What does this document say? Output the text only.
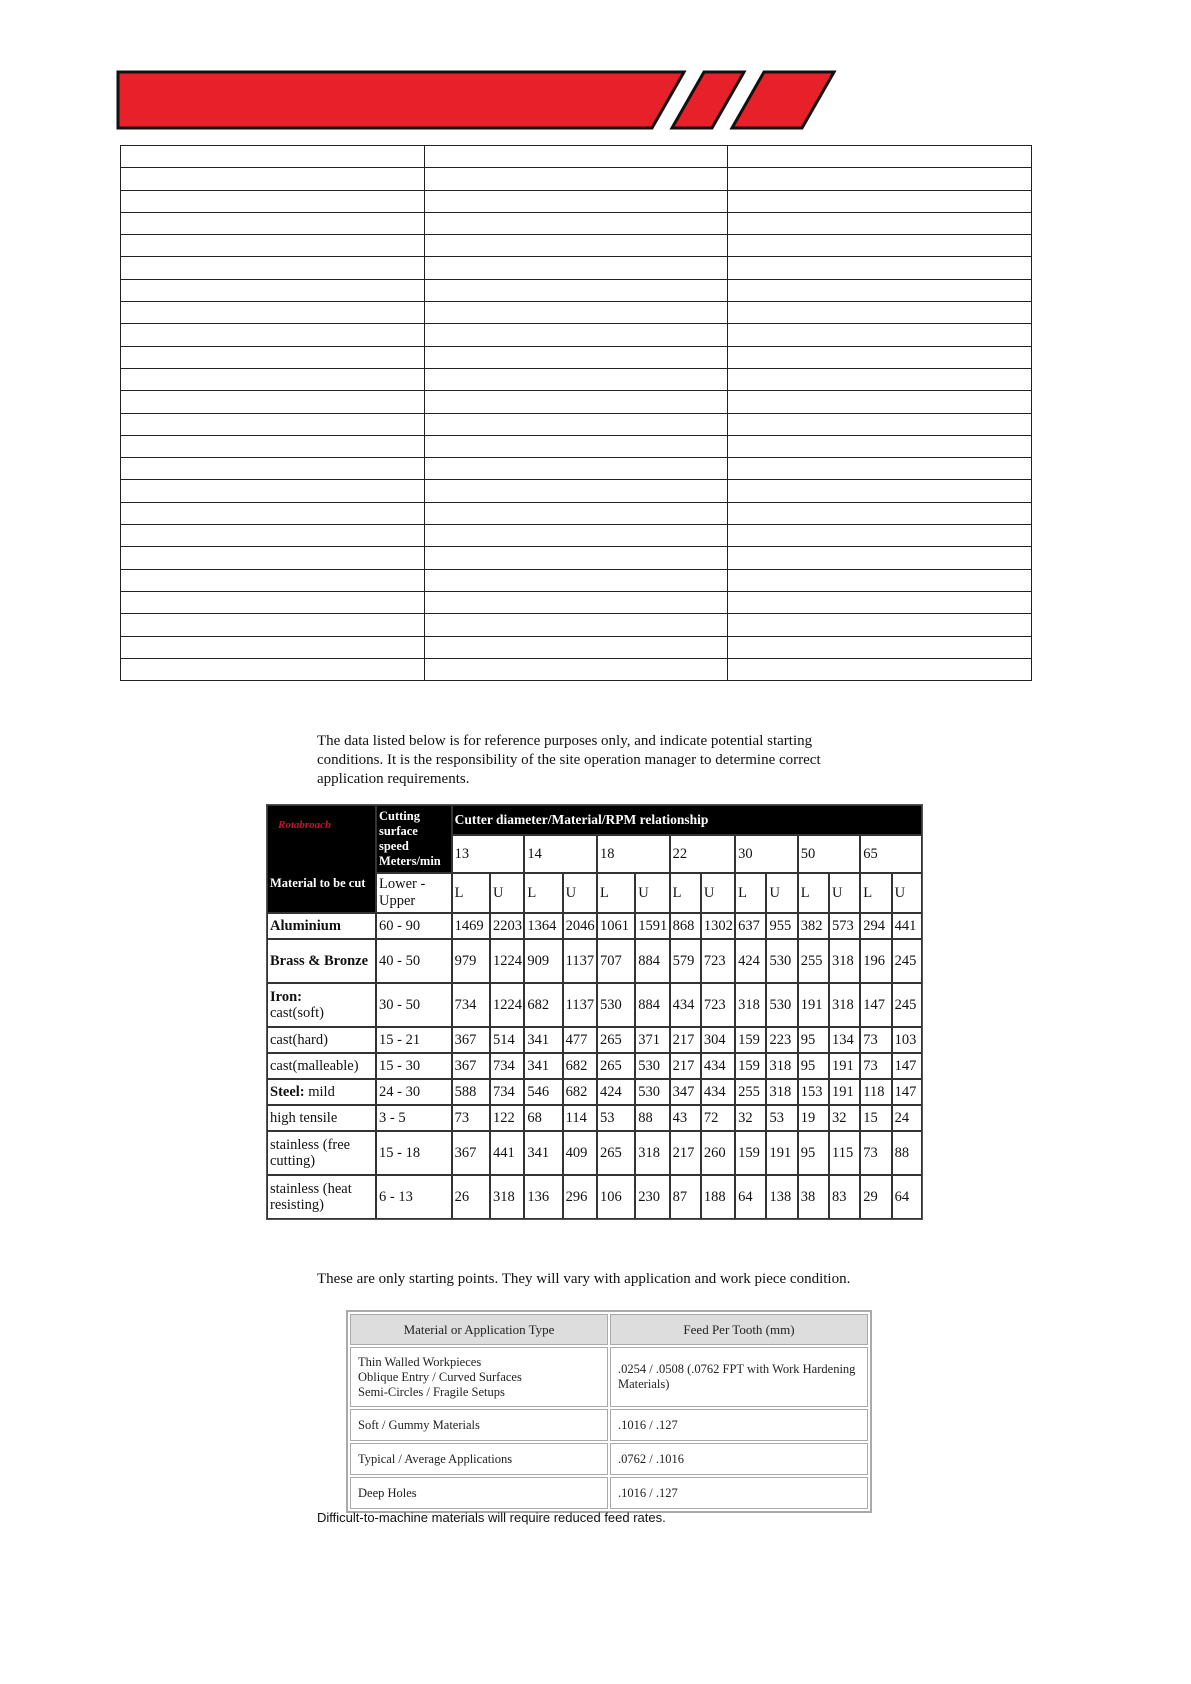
The data listed below is for reference purposes only, and indicate potential starting conditions. It is the responsibility of the site operation manager to determine correct application requirements.
Rotabroach
Material to be cut	Cutting surface speed Meters/min	Cutter diameter/Material/RPM relationship													
		13		14		18		22		30		50		65	
	Lower - Upper	L	U	L	U	L	U	L	U	L	U	L	U	L	U
Aluminium	60 - 90	1469	2203	1364	2046	1061	1591	868	1302	637	955	382	573	294	441
Brass & Bronze	40 - 50	979	1224	909	1137	707	884	579	723	424	530	255	318	196	245
Iron:
cast(soft)	30 - 50	734	1224	682	1137	530	884	434	723	318	530	191	318	147	245
cast(hard)	15 - 21	367	514	341	477	265	371	217	304	159	223	95	134	73	103
cast(malleable)	15 - 30	367	734	341	682	265	530	217	434	159	318	95	191	73	147
Steel: mild	24 - 30	588	734	546	682	424	530	347	434	255	318	153	191	118	147
high tensile	3 - 5	73	122	68	114	53	88	43	72	32	53	19	32	15	24
stainless (free cutting)	15 - 18	367	441	341	409	265	318	217	260	159	191	95	115	73	88
stainless (heat resisting)	6 - 13	26	318	136	296	106	230	87	188	64	138	38	83	29	64
These are only starting points. They will vary with application and work piece condition.
Material or Application Type	Feed Per Tooth (mm)
Thin Walled Workpieces
Oblique Entry / Curved Surfaces
Semi-Circles / Fragile Setups	.0254 / .0508 (.0762 FPT with Work Hardening Materials)
Soft / Gummy Materials	.1016 / .127
Typical / Average Applications	.0762 / .1016
Deep Holes	.1016 / .127
Difficult-to-machine materials will require reduced feed rates.
